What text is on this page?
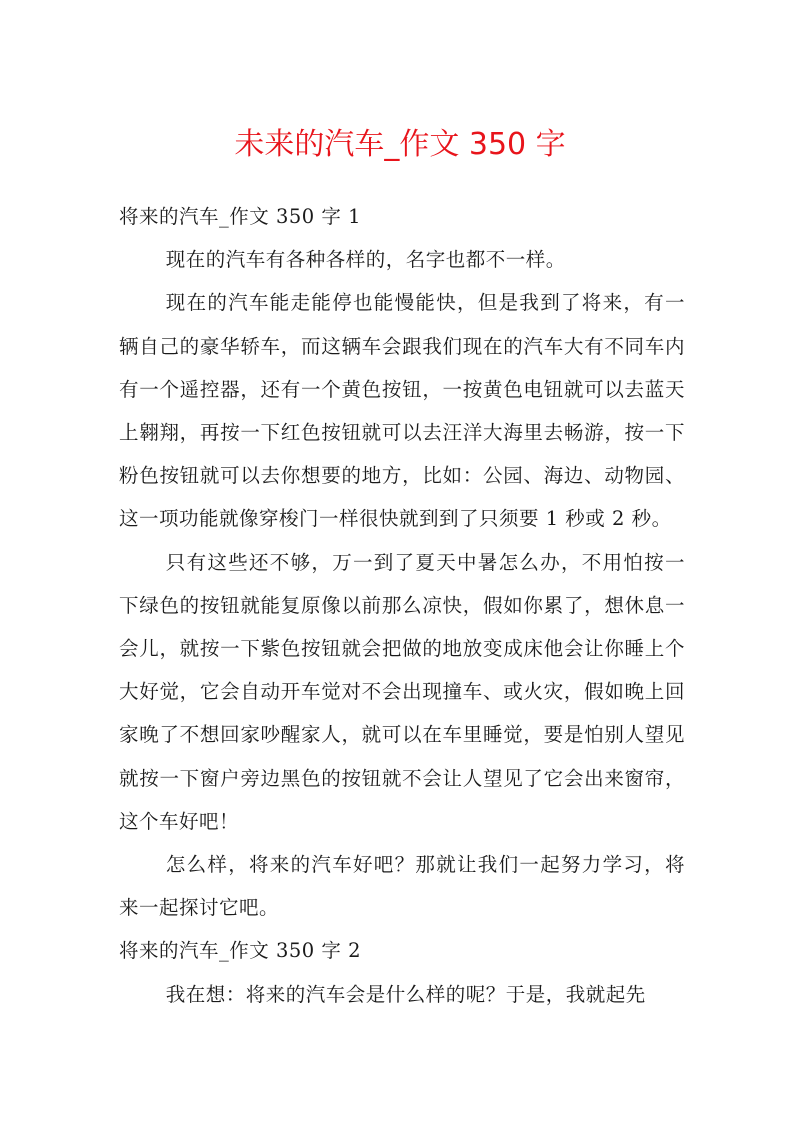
未来的汽车_作文 350 字

将来的汽车_作文 350 字 1

现在的汽车有各种各样的，名字也都不一样。

现在的汽车能走能停也能慢能快，但是我到了将来，有一辆自己的豪华轿车，而这辆车会跟我们现在的汽车大有不同车内有一个遥控器，还有一个黄色按钮，一按黄色电钮就可以去蓝天上翱翔，再按一下红色按钮就可以去汪洋大海里去畅游，按一下粉色按钮就可以去你想要的地方，比如：公园、海边、动物园、这一项功能就像穿梭门一样很快就到到了只须要 1 秒或 2 秒。

只有这些还不够，万一到了夏天中暑怎么办，不用怕按一下绿色的按钮就能复原像以前那么凉快，假如你累了，想休息一会儿，就按一下紫色按钮就会把做的地放变成床他会让你睡上个大好觉，它会自动开车觉对不会出现撞车、或火灾，假如晚上回家晚了不想回家吵醒家人，就可以在车里睡觉，要是怕别人望见就按一下窗户旁边黑色的按钮就不会让人望见了它会出来窗帘，这个车好吧！

怎么样，将来的汽车好吧？那就让我们一起努力学习，将来一起探讨它吧。

将来的汽车_作文 350 字 2

我在想：将来的汽车会是什么样的呢？于是，我就起先
